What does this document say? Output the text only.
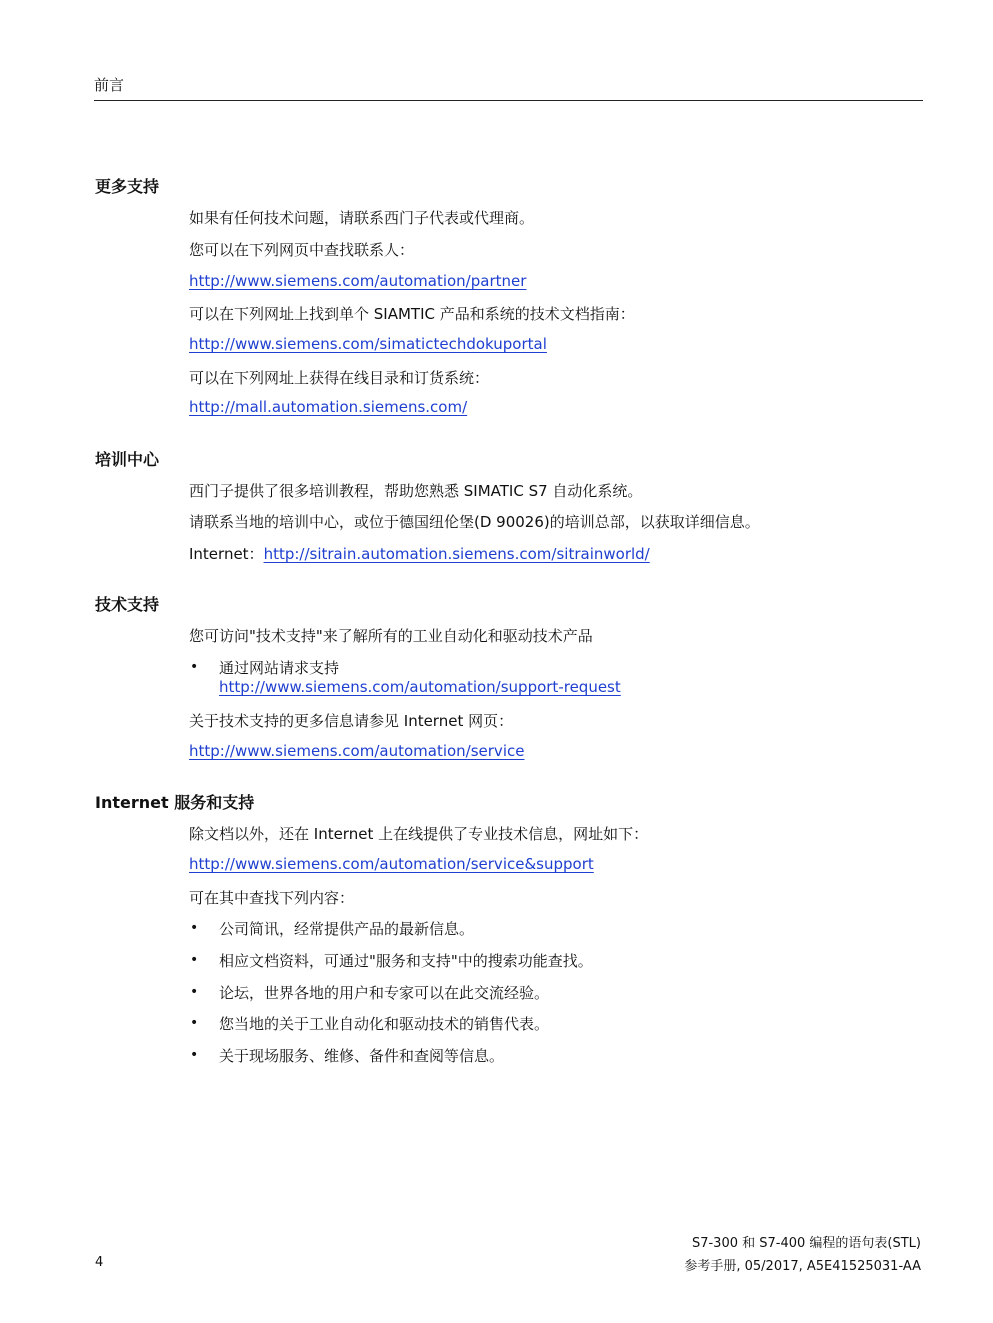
前言
更多支持

如果有任何技术问题，请联系西门子代表或代理商。

您可以在下列网页中查找联系人：

http://www.siemens.com/automation/partner

可以在下列网址上找到单个 SIAMTIC 产品和系统的技术文档指南：

http://www.siemens.com/simatictechdokuportal

可以在下列网址上获得在线目录和订货系统：

http://mall.automation.siemens.com/

培训中心

西门子提供了很多培训教程，帮助您熟悉 SIMATIC S7 自动化系统。

请联系当地的培训中心，或位于德国纽伦堡(D 90026)的培训总部，以获取详细信息。

Internet：http://sitrain.automation.siemens.com/sitrainworld/

技术支持

您可访问"技术支持"来了解所有的工业自动化和驱动技术产品

• 通过网站请求支持

http://www.siemens.com/automation/support-request

关于技术支持的更多信息请参见 Internet 网页：

http://www.siemens.com/automation/service

Internet 服务和支持

除文档以外，还在 Internet 上在线提供了专业技术信息，网址如下：

http://www.siemens.com/automation/service&support

可在其中查找下列内容：

• 公司简讯，经常提供产品的最新信息。

• 相应文档资料，可通过"服务和支持"中的搜索功能查找。

• 论坛，世界各地的用户和专家可以在此交流经验。

• 您当地的关于工业自动化和驱动技术的销售代表。

• 关于现场服务、维修、备件和查阅等信息。

S7-300 和 S7-400 编程的语句表(STL)
参考手册, 05/2017, A5E41525031-AA
4
